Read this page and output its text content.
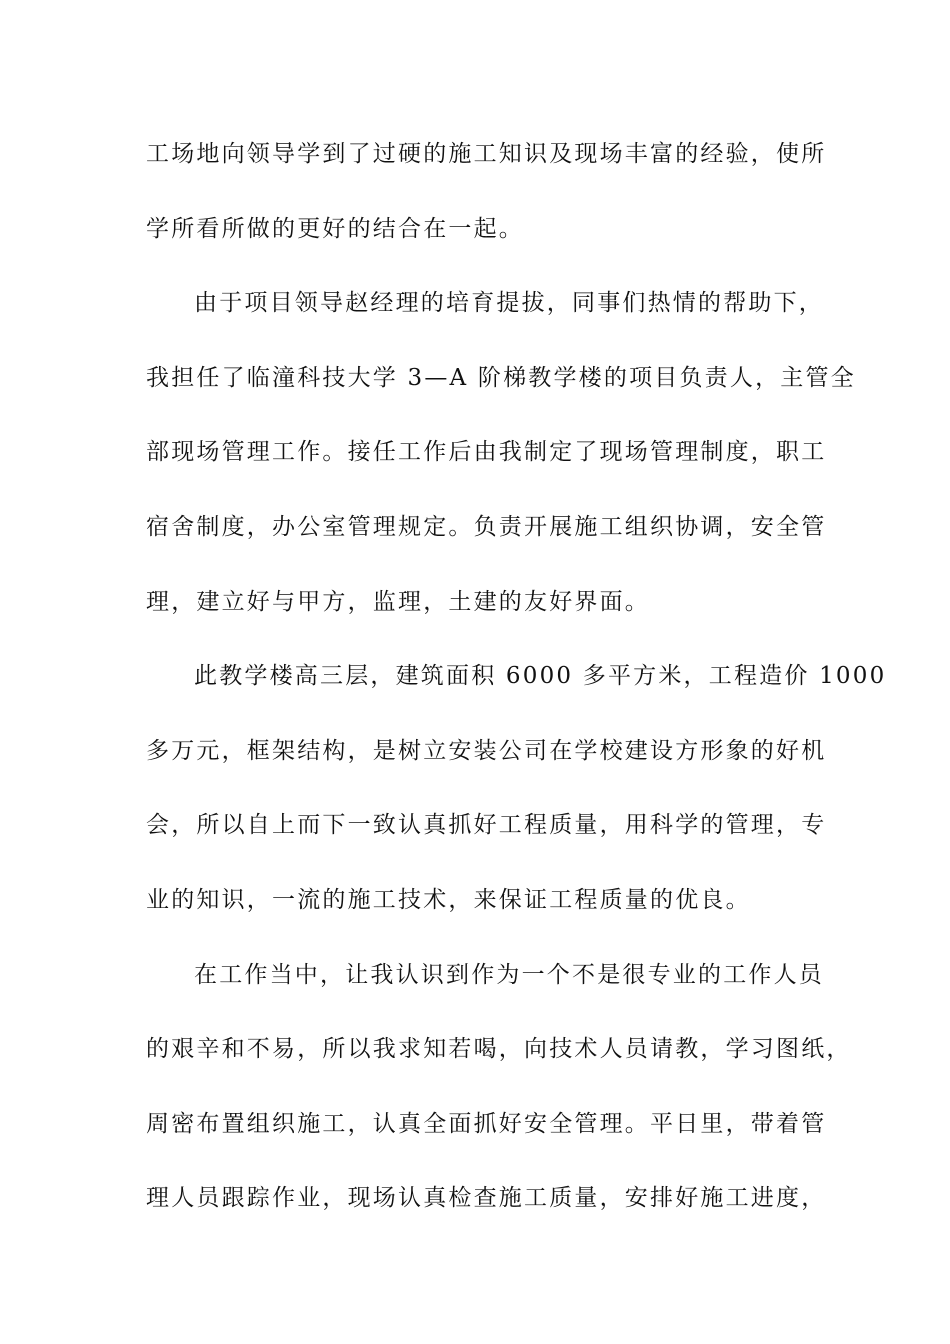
工场地向领导学到了过硬的施工知识及现场丰富的经验，使所
学所看所做的更好的结合在一起。
由于项目领导赵经理的培育提拔，同事们热情的帮助下，
我担任了临潼科技大学 3—A 阶梯教学楼的项目负责人，主管全
部现场管理工作。接任工作后由我制定了现场管理制度，职工
宿舍制度，办公室管理规定。负责开展施工组织协调，安全管
理，建立好与甲方，监理，土建的友好界面。
此教学楼高三层，建筑面积 6000 多平方米，工程造价 1000
多万元，框架结构，是树立安装公司在学校建设方形象的好机
会，所以自上而下一致认真抓好工程质量，用科学的管理，专
业的知识，一流的施工技术，来保证工程质量的优良。
在工作当中，让我认识到作为一个不是很专业的工作人员
的艰辛和不易，所以我求知若喝，向技术人员请教，学习图纸，
周密布置组织施工，认真全面抓好安全管理。平日里，带着管
理人员跟踪作业，现场认真检查施工质量，安排好施工进度，
